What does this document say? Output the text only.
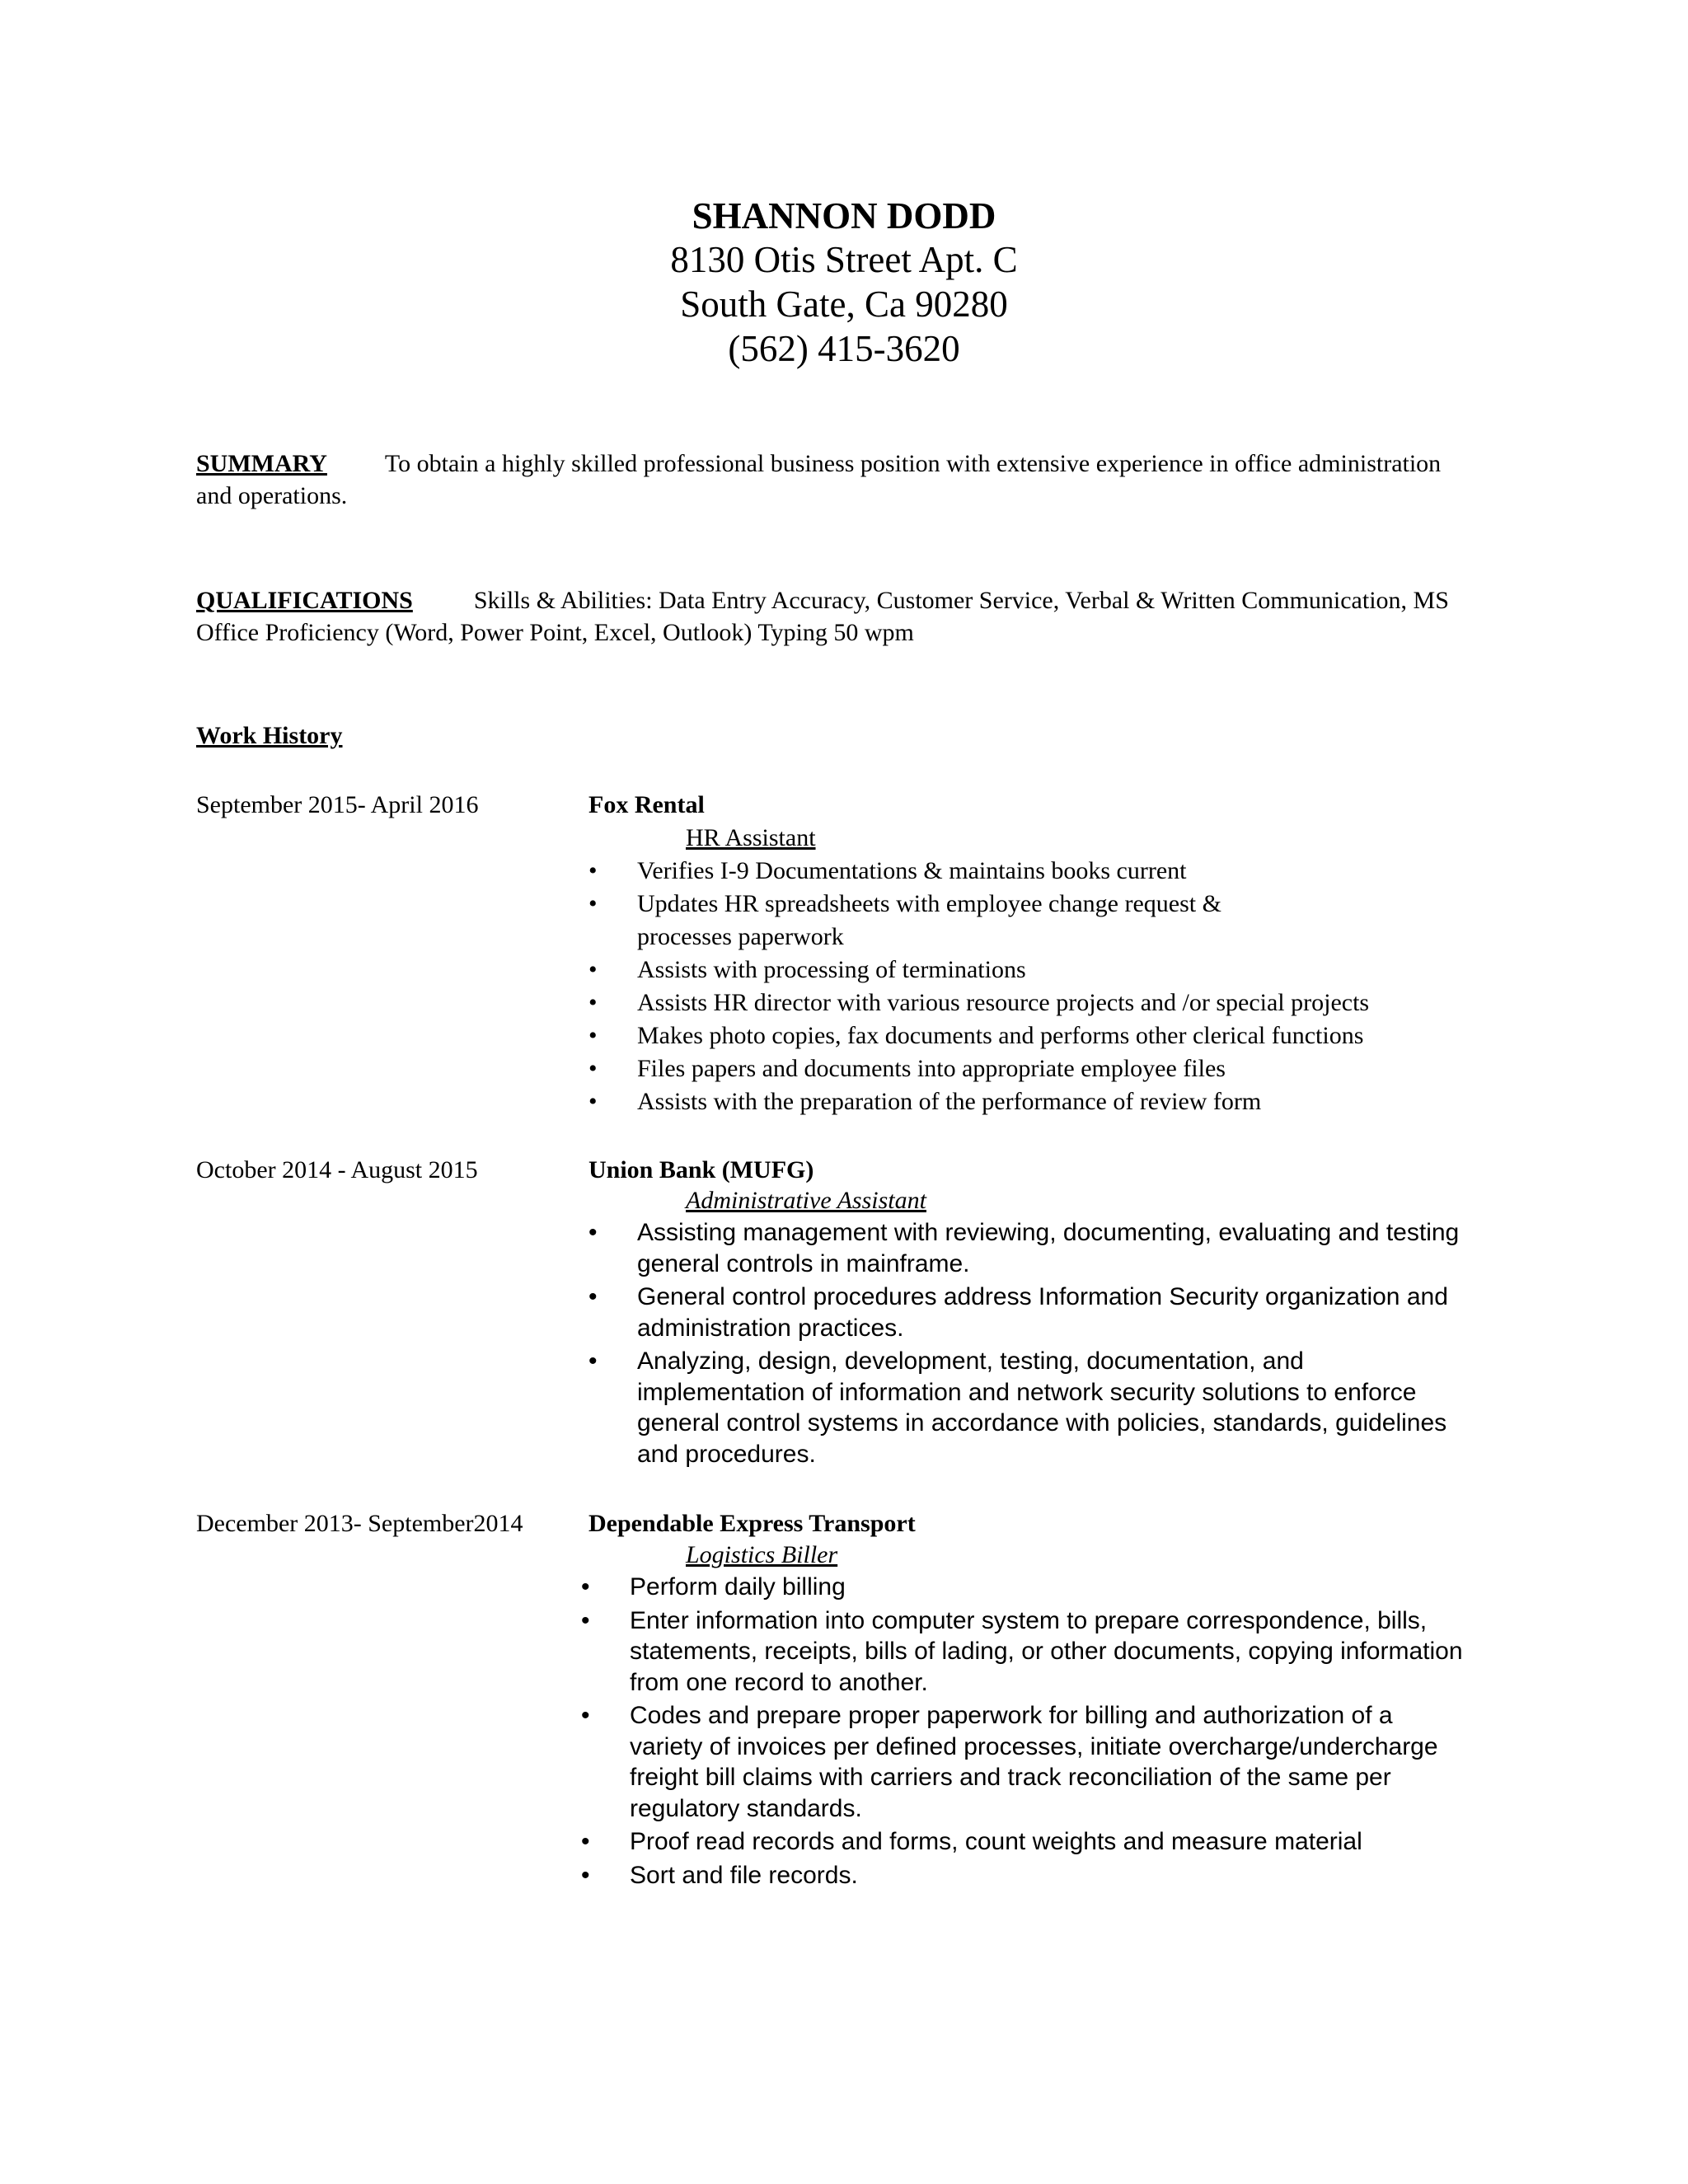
SHANNON DODD
8130 Otis Street Apt. C
South Gate, Ca 90280
(562) 415-3620
SUMMARY To obtain a highly skilled professional business position with extensive experience in office administration and operations.
QUALIFICATIONS Skills & Abilities: Data Entry Accuracy, Customer Service, Verbal & Written Communication, MS Office Proficiency (Word, Power Point, Excel, Outlook) Typing 50 wpm
Work History
September 2015- April 2016	Fox Rental
HR Assistant
• Verifies I-9 Documentations & maintains books current
• Updates HR spreadsheets with employee change request & processes paperwork
• Assists with processing of terminations
• Assists HR director with various resource projects and /or special projects
• Makes photo copies, fax documents and performs other clerical functions
• Files papers and documents into appropriate employee files
• Assists with the preparation of the performance of review form
October 2014 - August 2015	Union Bank (MUFG)
Administrative Assistant
• Assisting management with reviewing, documenting, evaluating and testing general controls in mainframe.
• General control procedures address Information Security organization and administration practices.
• Analyzing, design, development, testing, documentation, and implementation of information and network security solutions to enforce general control systems in accordance with policies, standards, guidelines and procedures.
December 2013- September2014	Dependable Express Transport
Logistics Biller
• Perform daily billing
• Enter information into computer system to prepare correspondence, bills, statements, receipts, bills of lading, or other documents, copying information from one record to another.
• Codes and prepare proper paperwork for billing and authorization of a variety of invoices per defined processes, initiate overcharge/undercharge freight bill claims with carriers and track reconciliation of the same per regulatory standards.
• Proof read records and forms, count weights and measure material
• Sort and file records.
